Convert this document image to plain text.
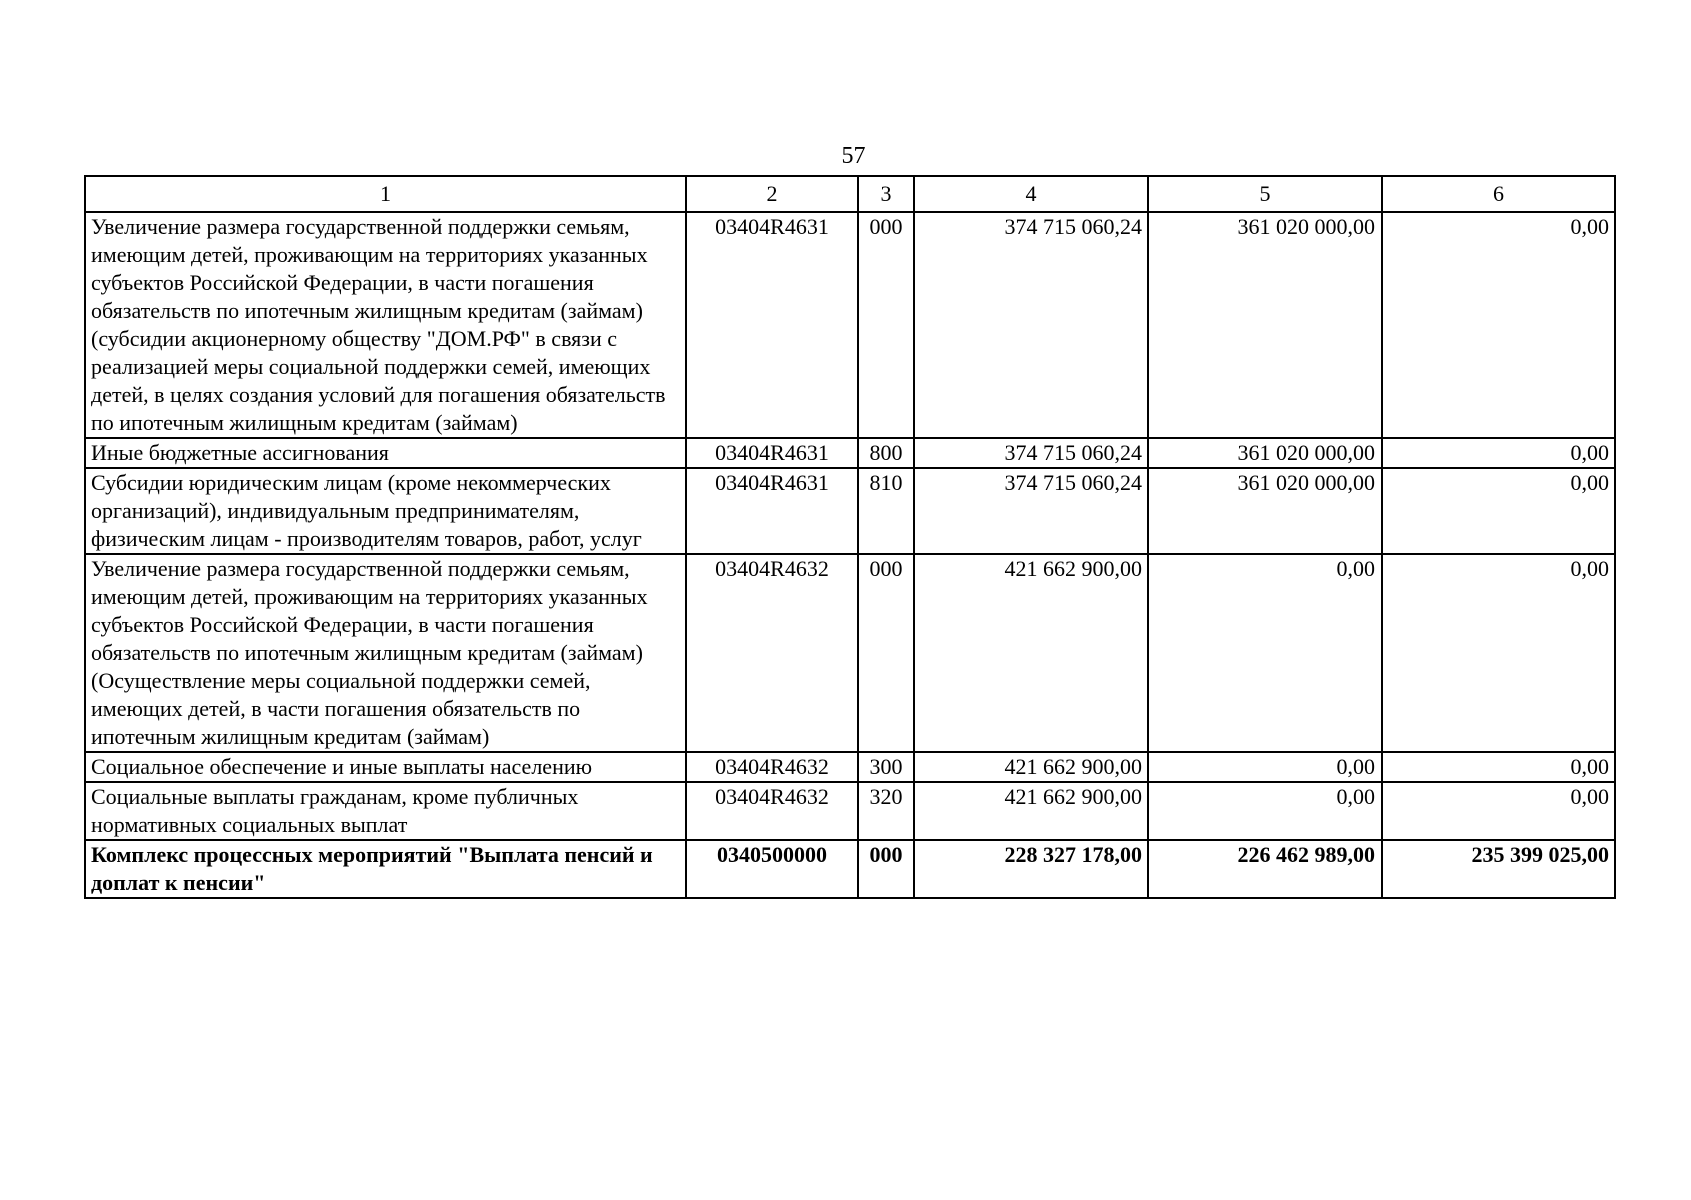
57
1	2	3	4	5	6
Увеличение размера государственной поддержки семьям, имеющим детей, проживающим на территориях указанных субъектов Российской Федерации, в части погашения обязательств по ипотечным жилищным кредитам (займам) (субсидии акционерному обществу "ДОМ.РФ" в связи с реализацией меры социальной поддержки семей, имеющих детей, в целях создания условий для погашения обязательств по ипотечным жилищным кредитам (займам)	03404R4631	000	374 715 060,24	361 020 000,00	0,00
Иные бюджетные ассигнования	03404R4631	800	374 715 060,24	361 020 000,00	0,00
Субсидии юридическим лицам (кроме некоммерческих организаций), индивидуальным предпринимателям, физическим лицам - производителям товаров, работ, услуг	03404R4631	810	374 715 060,24	361 020 000,00	0,00
Увеличение размера государственной поддержки семьям, имеющим детей, проживающим на территориях указанных субъектов Российской Федерации, в части погашения обязательств по ипотечным жилищным кредитам (займам) (Осуществление меры социальной поддержки семей, имеющих детей, в части погашения обязательств по ипотечным жилищным кредитам (займам)	03404R4632	000	421 662 900,00	0,00	0,00
Социальное обеспечение и иные выплаты населению	03404R4632	300	421 662 900,00	0,00	0,00
Социальные выплаты гражданам, кроме публичных нормативных социальных выплат	03404R4632	320	421 662 900,00	0,00	0,00
Комплекс процессных мероприятий "Выплата пенсий и доплат к пенсии"	0340500000	000	228 327 178,00	226 462 989,00	235 399 025,00
